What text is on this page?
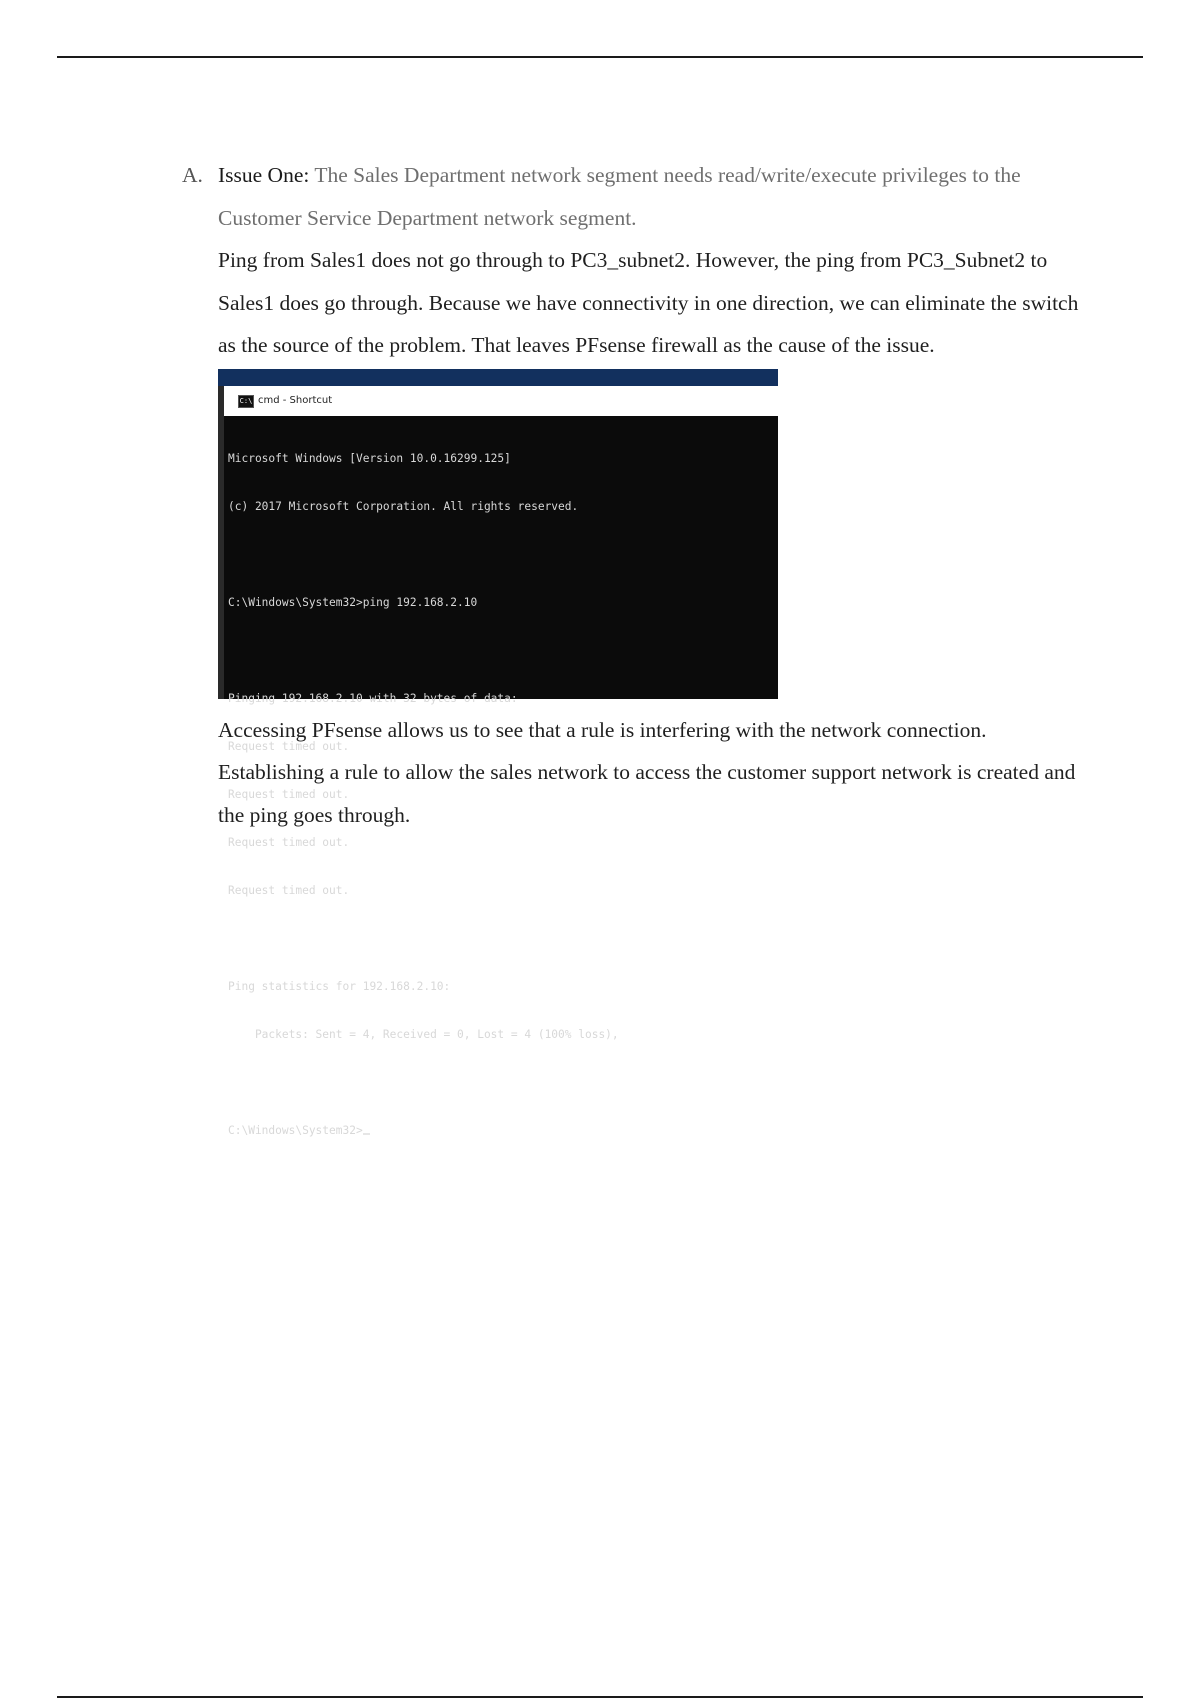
A. Issue One: The Sales Department network segment needs read/write/execute privileges to the Customer Service Department network segment.

Ping from Sales1 does not go through to PC3_subnet2. However, the ping from PC3_Subnet2 to Sales1 does go through. Because we have connectivity in one direction, we can eliminate the switch as the source of the problem. That leaves PFsense firewall as the cause of the issue.

C:\ cmd - Shortcut

Microsoft Windows [Version 10.0.16299.125]

(c) 2017 Microsoft Corporation. All rights reserved.

C:\Windows\System32>ping 192.168.2.10

Pinging 192.168.2.10 with 32 bytes of data:

Request timed out.

Request timed out.

Request timed out.

Request timed out.

Ping statistics for 192.168.2.10:

Packets: Sent = 4, Received = 0, Lost = 4 (100% loss),

C:\Windows\System32>

Accessing PFsense allows us to see that a rule is interfering with the network connection. Establishing a rule to allow the sales network to access the customer support network is created and the ping goes through.
